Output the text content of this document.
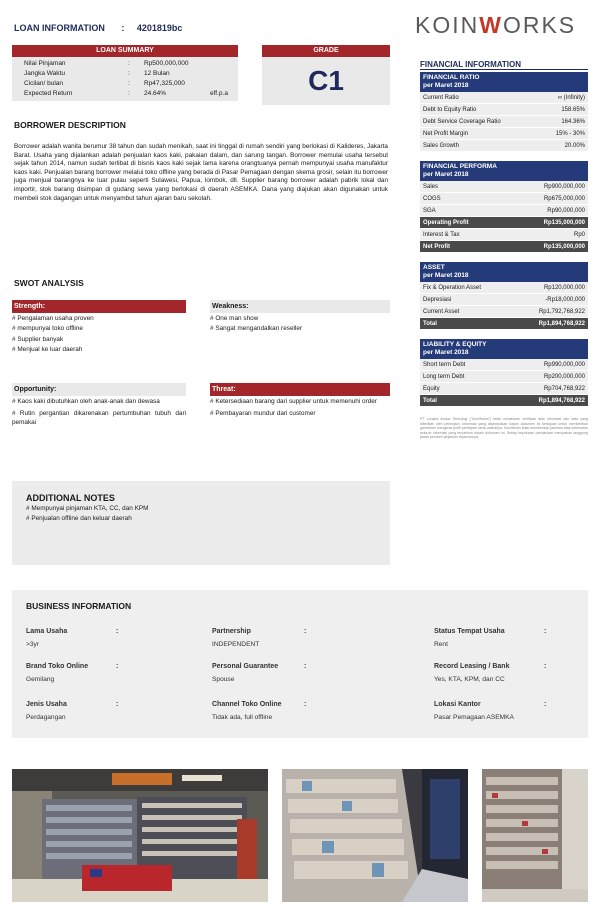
LOAN INFORMATION : 4201819bc	KOINWORKS
LOAN SUMMARY
Nilai Pinjaman	:	Rp500,000,000
Jangka Waktu	:	12 Bulan
Cicilan/ bulan	:	Rp47,325,000
Expected Return	:	24.64%	eff.p.a
GRADE
C1
BORROWER DESCRIPTION
Borrower adalah wanita berumur 38 tahun dan sudah menikah, saat ini tinggal di rumah sendiri yang berlokasi di Kalideres, Jakarta Barat. Usaha yang dijalankan adalah penjualan kaos kaki, pakaian dalam, dan sarung tangan. Borrower memulai usaha tersebut sejak tahun 2014, namun sudah terlibat di bisnis kaos kaki sejak lama karena orangtuanya pernah mempunyai usaha manufaktur kaos kaki. Penjualan barang borrower melalui toko offline yang berada di Pasar Pemagaan dengan skema grosir, selain itu borrower juga menjual barangnya ke luar pulau seperti Sulawesi, Papua, lombok, dll. Supplier barang borrower adalah pabrik lokal dan importir, stok barang disimpan di gudang sewa yang berlokasi di daerah ASEMKA. Dana yang diajukan akan digunakan untuk membeli stok dagangan untuk menyambut tahun ajaran baru sekolah.
SWOT ANALYSIS
Strength:
# Pengalaman usaha proven
# mempunyai toko offline
# Supplier banyak
# Menjual ke luar daerah
Weakness:
# One man show
# Sangat mengandalkan reseller
Opportunity:
# Kaos kaki dibutuhkan oleh anak-anak dan dewasa
# Rutin pergantian dikarenakan pertumbuhan tubuh dari pemakai
Threat:
# Ketersediaan barang dari supplier untuk memenuhi order
# Pembayaran mundur dari customer
FINANCIAL INFORMATION
FINANCIAL RATIO
per Maret 2018
Current Ratio	∞ (Infinity)
Debt to Equity Ratio	158.65%
Debt Service Coverage Ratio	164.36%
Net Profit Margin	15% - 30%
Sales Growth	20.00%
FINANCIAL PERFORMA
per Maret 2018
Sales	Rp900,000,000
COGS	Rp675,000,000
SGA	Rp90,000,000
Operating Profit	Rp135,000,000
Interest & Tax	Rp0
Net Profit	Rp135,000,000
ASSET
per Maret 2018
Fix & Operation Asset	Rp120,000,000
Depresiasi	-Rp18,000,000
Current Asset	Rp1,792,768,922
Total	Rp1,894,768,922
LIABILITY & EQUITY
per Maret 2018
Short term Debt	Rp990,000,000
Long term Debt	Rp200,000,000
Equity	Rp704,768,922
Total	Rp1,894,768,922
PT Lunaria Annua Teknologi ("KoinWorks") telah melakukan verifikasi atas informasi dan data yang diberikan oleh peminjam. Informasi yang disampaikan dalam dokumen ini bertujuan untuk memberikan gambaran mengenai profil peminjam serta usahanya. KoinWorks tidak memberikan jaminan atas kebenaran seluruh informasi yang tercantum dalam dokumen ini. Setiap keputusan pendanaan merupakan tanggung jawab pemberi pinjaman sepenuhnya.
ADDITIONAL NOTES
# Mempunyai pinjaman KTA, CC, dan KPM
# Penjualan offline dan keluar daerah
BUSINESS INFORMATION
Lama Usaha	:
>3yr
Brand Toko Online	:
Gemilang
Jenis Usaha	:
Perdagangan
Partnership	:
INDEPENDENT
Personal Guarantee	:
Spouse
Channel Toko Online	:
Tidak ada, full offline
Status Tempat Usaha	:
Rent
Record Leasing / Bank	:
Yes, KTA, KPM, dan CC
Lokasi Kantor	:
Pasar Pemagaan ASEMKA
